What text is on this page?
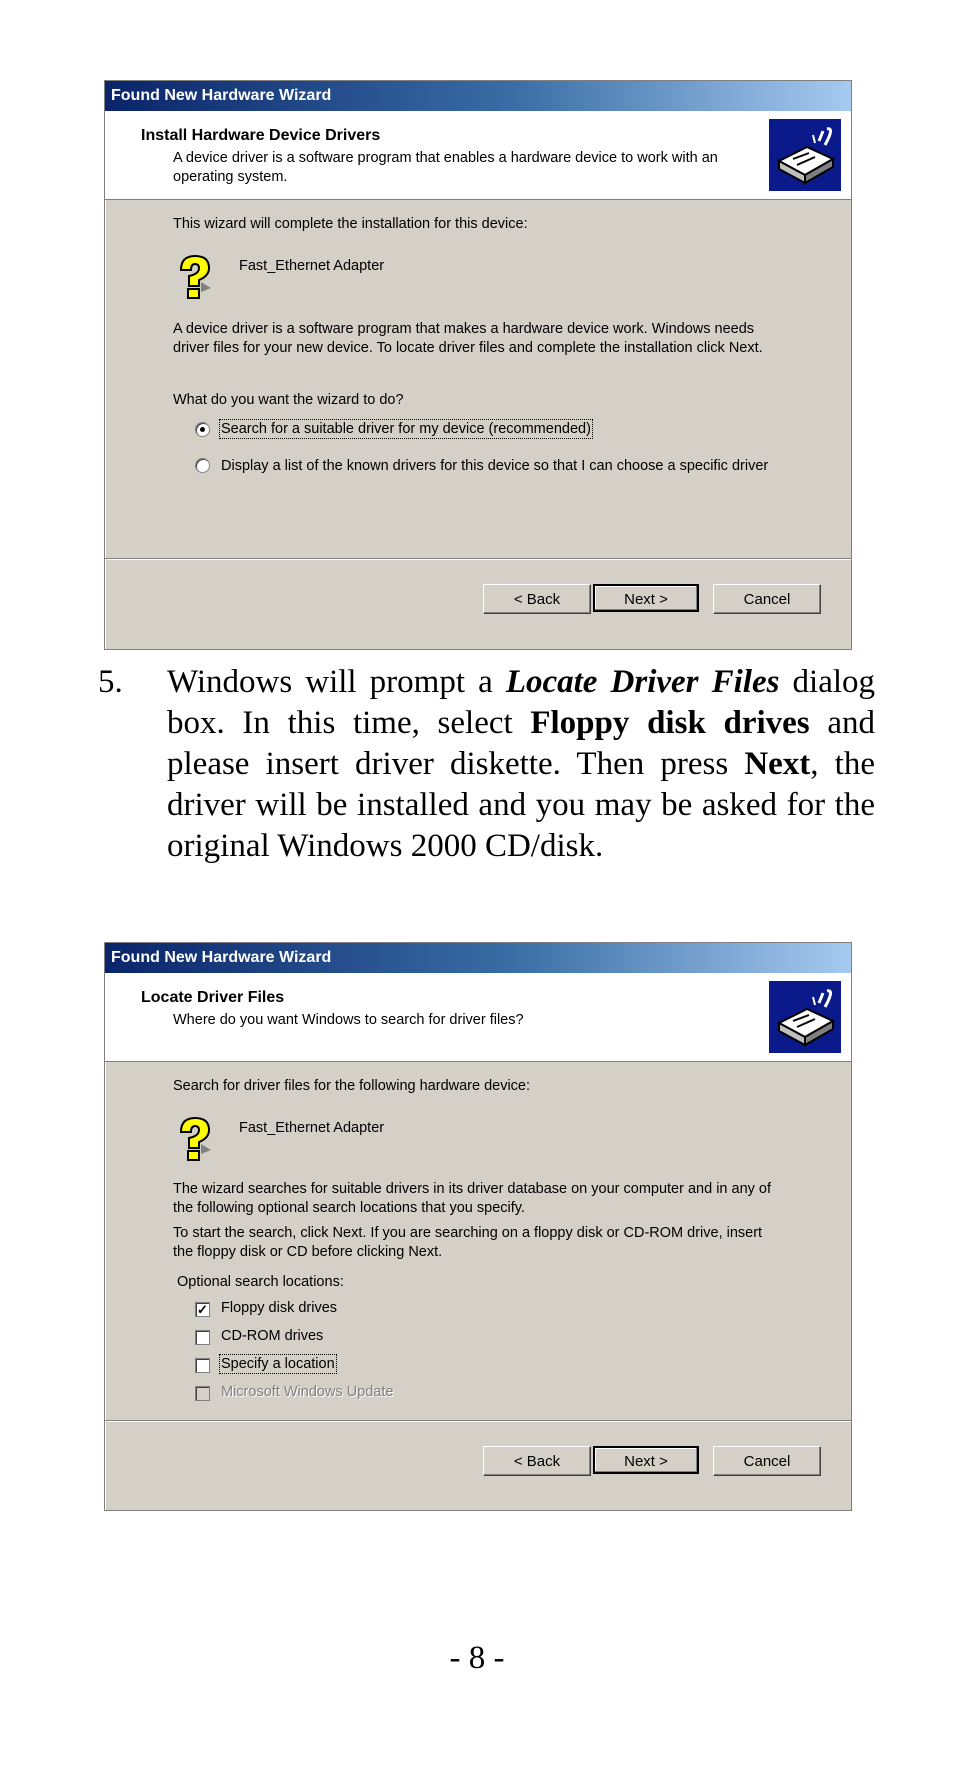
Found New Hardware Wizard
Install Hardware Device Drivers
A device driver is a software program that enables a hardware device to work with an operating system.
This wizard will complete the installation for this device:
Fast_Ethernet Adapter
A device driver is a software program that makes a hardware device work. Windows needs driver files for your new device. To locate driver files and complete the installation click Next.
What do you want the wizard to do?
Search for a suitable driver for my device (recommended)
Display a list of the known drivers for this device so that I can choose a specific driver
< Back	Next >	Cancel
5. Windows will prompt a Locate Driver Files dialog box. In this time, select Floppy disk drives and please insert driver diskette. Then press Next, the driver will be installed and you may be asked for the original Windows 2000 CD/disk.
Found New Hardware Wizard
Locate Driver Files
Where do you want Windows to search for driver files?
Search for driver files for the following hardware device:
Fast_Ethernet Adapter
The wizard searches for suitable drivers in its driver database on your computer and in any of the following optional search locations that you specify.
To start the search, click Next. If you are searching on a floppy disk or CD-ROM drive, insert the floppy disk or CD before clicking Next.
Optional search locations:
✓ Floppy disk drives
CD-ROM drives
Specify a location
Microsoft Windows Update
< Back	Next >	Cancel
- 8 -
